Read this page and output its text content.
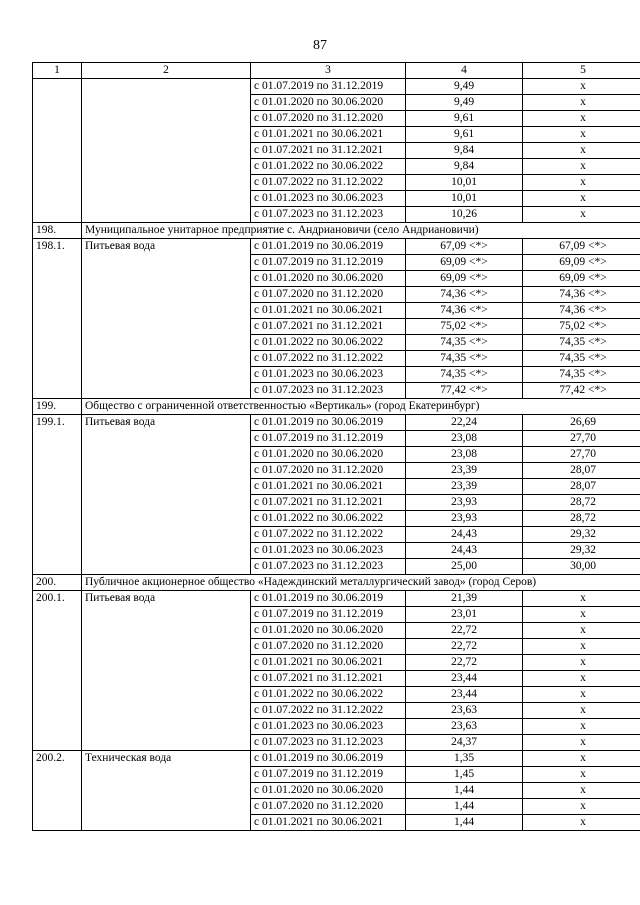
87
1	2	3	4	5
		с 01.07.2019 по 31.12.2019	9,49	x
		с 01.01.2020 по 30.06.2020	9,49	x
		с 01.07.2020 по 31.12.2020	9,61	x
		с 01.01.2021 по 30.06.2021	9,61	x
		с 01.07.2021 по 31.12.2021	9,84	x
		с 01.01.2022 по 30.06.2022	9,84	x
		с 01.07.2022 по 31.12.2022	10,01	x
		с 01.01.2023 по 30.06.2023	10,01	x
		с 01.07.2023 по 31.12.2023	10,26	x
198.	Муниципальное унитарное предприятие с. Андриановичи (село Андриановичи)			
198.1.	Питьевая вода	с 01.01.2019 по 30.06.2019	67,09 <*>	67,09 <*>
		с 01.07.2019 по 31.12.2019	69,09 <*>	69,09 <*>
		с 01.01.2020 по 30.06.2020	69,09 <*>	69,09 <*>
		с 01.07.2020 по 31.12.2020	74,36 <*>	74,36 <*>
		с 01.01.2021 по 30.06.2021	74,36 <*>	74,36 <*>
		с 01.07.2021 по 31.12.2021	75,02 <*>	75,02 <*>
		с 01.01.2022 по 30.06.2022	74,35 <*>	74,35 <*>
		с 01.07.2022 по 31.12.2022	74,35 <*>	74,35 <*>
		с 01.01.2023 по 30.06.2023	74,35 <*>	74,35 <*>
		с 01.07.2023 по 31.12.2023	77,42 <*>	77,42 <*>
199.	Общество с ограниченной ответственностью «Вертикаль» (город Екатеринбург)			
199.1.	Питьевая вода	с 01.01.2019 по 30.06.2019	22,24	26,69
		с 01.07.2019 по 31.12.2019	23,08	27,70
		с 01.01.2020 по 30.06.2020	23,08	27,70
		с 01.07.2020 по 31.12.2020	23,39	28,07
		с 01.01.2021 по 30.06.2021	23,39	28,07
		с 01.07.2021 по 31.12.2021	23,93	28,72
		с 01.01.2022 по 30.06.2022	23,93	28,72
		с 01.07.2022 по 31.12.2022	24,43	29,32
		с 01.01.2023 по 30.06.2023	24,43	29,32
		с 01.07.2023 по 31.12.2023	25,00	30,00
200.	Публичное акционерное общество «Надеждинский металлургический завод» (город Серов)			
200.1.	Питьевая вода	с 01.01.2019 по 30.06.2019	21,39	x
		с 01.07.2019 по 31.12.2019	23,01	x
		с 01.01.2020 по 30.06.2020	22,72	x
		с 01.07.2020 по 31.12.2020	22,72	x
		с 01.01.2021 по 30.06.2021	22,72	x
		с 01.07.2021 по 31.12.2021	23,44	x
		с 01.01.2022 по 30.06.2022	23,44	x
		с 01.07.2022 по 31.12.2022	23,63	x
		с 01.01.2023 по 30.06.2023	23,63	x
		с 01.07.2023 по 31.12.2023	24,37	x
200.2.	Техническая вода	с 01.01.2019 по 30.06.2019	1,35	x
		с 01.07.2019 по 31.12.2019	1,45	x
		с 01.01.2020 по 30.06.2020	1,44	x
		с 01.07.2020 по 31.12.2020	1,44	x
		с 01.01.2021 по 30.06.2021	1,44	x
